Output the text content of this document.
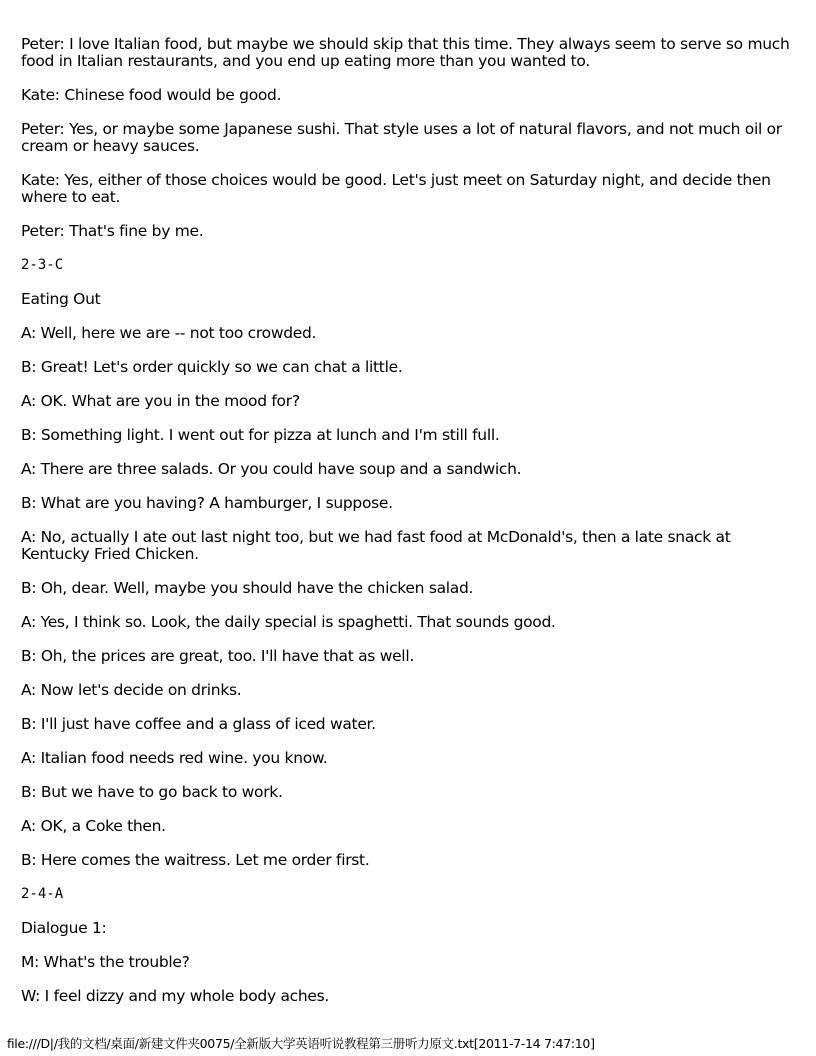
Peter: I love Italian food, but maybe we should skip that this time. They always seem to serve so much food in Italian restaurants, and you end up eating more than you wanted to.

Kate: Chinese food would be good.

Peter: Yes, or maybe some Japanese sushi. That style uses a lot of natural flavors, and not much oil or cream or heavy sauces.

Kate: Yes, either of those choices would be good. Let's just meet on Saturday night, and decide then where to eat.

Peter: That's fine by me.

2-3-C

Eating Out

A: Well, here we are -- not too crowded.

B: Great! Let's order quickly so we can chat a little.

A: OK. What are you in the mood for?

B: Something light. I went out for pizza at lunch and I'm still full.

A: There are three salads. Or you could have soup and a sandwich.

B: What are you having? A hamburger, I suppose.

A: No, actually I ate out last night too, but we had fast food at McDonald's, then a late snack at Kentucky Fried Chicken.

B: Oh, dear. Well, maybe you should have the chicken salad.

A: Yes, I think so. Look, the daily special is spaghetti. That sounds good.

B: Oh, the prices are great, too. I'll have that as well.

A: Now let's decide on drinks.

B: I'll just have coffee and a glass of iced water.

A: Italian food needs red wine. you know.

B: But we have to go back to work.

A: OK, a Coke then.

B: Here comes the waitress. Let me order first.

2-4-A

Dialogue 1:

M: What's the trouble?

W: I feel dizzy and my whole body aches.

file:///D|/我的文档/桌面/新建文件夹0075/全新版大学英语听说教程第三册听力原文.txt[2011-7-14 7:47:10]
